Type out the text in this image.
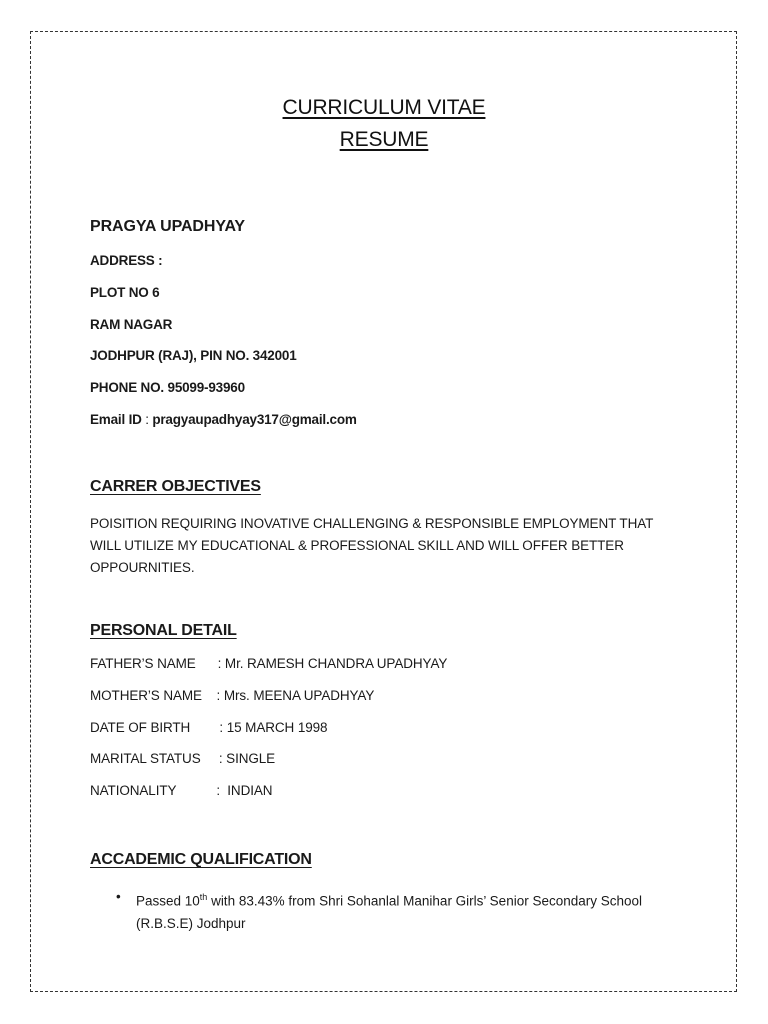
CURRICULUM VITAE
RESUME
PRAGYA UPADHYAY
ADDRESS :
PLOT NO 6
RAM NAGAR
JODHPUR (RAJ), PIN NO. 342001
PHONE NO. 95099-93960
Email ID : pragyaupadhyay317@gmail.com
CARRER OBJECTIVES
POISITION REQUIRING INOVATIVE CHALLENGING & RESPONSIBLE EMPLOYMENT THAT WILL UTILIZE MY EDUCATIONAL & PROFESSIONAL SKILL AND WILL OFFER BETTER OPPOURNITIES.
PERSONAL DETAIL
FATHER’S NAME      : Mr. RAMESH CHANDRA UPADHYAY
MOTHER’S NAME    : Mrs. MEENA UPADHYAY
DATE OF BIRTH        : 15 MARCH 1998
MARITAL STATUS     : SINGLE
NATIONALITY           :  INDIAN
ACCADEMIC QUALIFICATION
• Passed 10th with 83.43% from Shri Sohanlal Manihar Girls’ Senior Secondary School (R.B.S.E) Jodhpur
